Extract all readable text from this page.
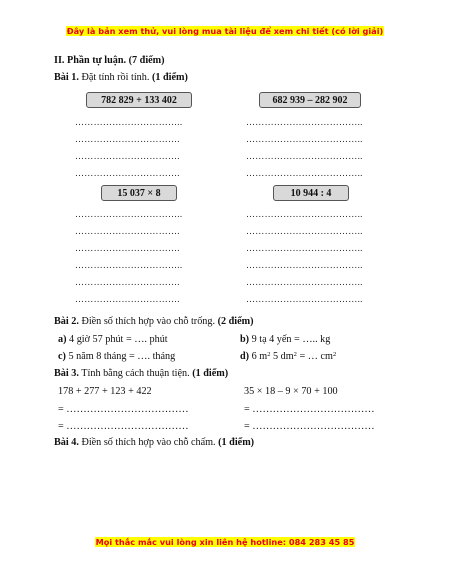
Đây là bản xem thử, vui lòng mua tài liệu để xem chi tiết (có lời giải)
II. Phần tự luận. (7 điểm)
Bài 1. Đặt tính rồi tính. (1 điểm)
782 829 + 133 402	682 939 – 282 902
……………………………..
…………………………….
…………………………….
…………………………….
………………………………..
………………………………..
………………………………..
………………………………..
15 037 × 8	10 944 : 4
……………………………..
…………………………….
…………………………….
……………………………..
…………………………….
…………………………….
………………………………..
………………………………..
………………………………..
………………………………..
………………………………..
………………………………..
Bài 2. Điền số thích hợp vào chỗ trống. (2 điểm)
a) 4 giờ 57 phút = …. phút	b) 9 tạ 4 yến = ….. kg
c) 5 năm 8 tháng = …. tháng	d) 6 $m^2$ 5 $dm^2$ = … $cm^2$
Bài 3. Tính bằng cách thuận tiện. (1 điểm)
178 + 277 + 123 + 422	35 × 18 – 9 × 70 + 100
= ………………………………	= ………………………………
= ………………………………	= ………………………………
Bài 4. Điền số thích hợp vào chỗ chấm. (1 điểm)
Mọi thắc mắc vui lòng xin liên hệ hotline: 084 283 45 85
